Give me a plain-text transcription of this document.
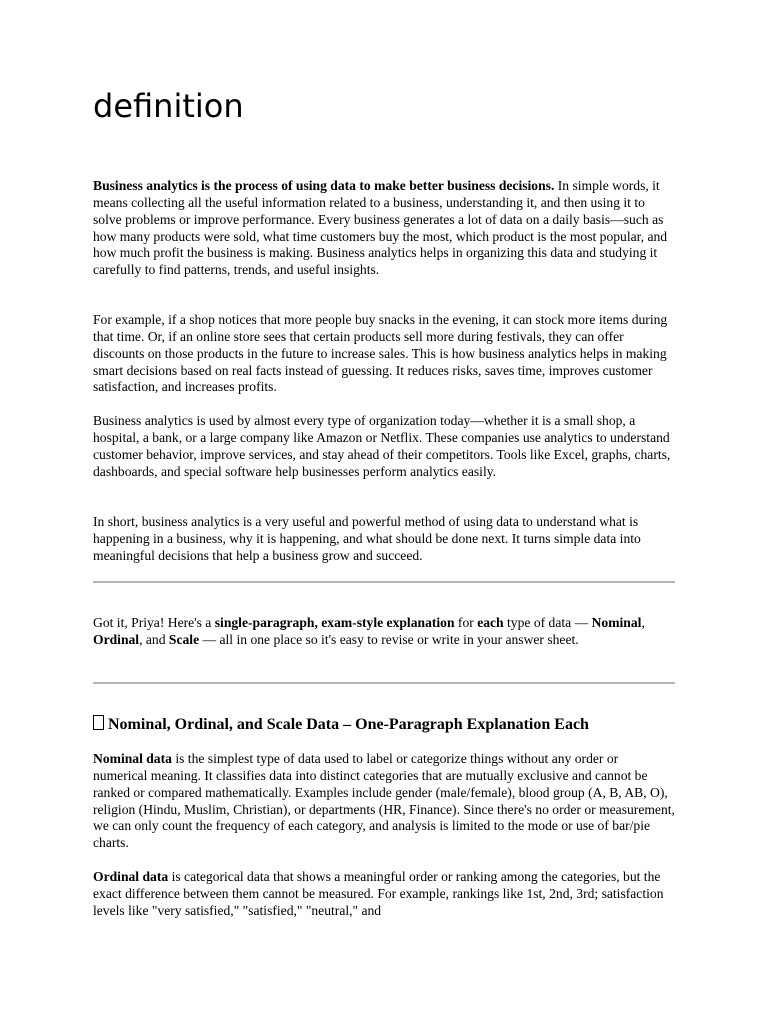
definition

Business analytics is the process of using data to make better business decisions. In simple words, it means collecting all the useful information related to a business, understanding it, and then using it to solve problems or improve performance. Every business generates a lot of data on a daily basis—such as how many products were sold, what time customers buy the most, which product is the most popular, and how much profit the business is making. Business analytics helps in organizing this data and studying it carefully to find patterns, trends, and useful insights.

For example, if a shop notices that more people buy snacks in the evening, it can stock more items during that time. Or, if an online store sees that certain products sell more during festivals, they can offer discounts on those products in the future to increase sales. This is how business analytics helps in making smart decisions based on real facts instead of guessing. It reduces risks, saves time, improves customer satisfaction, and increases profits.

Business analytics is used by almost every type of organization today—whether it is a small shop, a hospital, a bank, or a large company like Amazon or Netflix. These companies use analytics to understand customer behavior, improve services, and stay ahead of their competitors. Tools like Excel, graphs, charts, dashboards, and special software help businesses perform analytics easily.

In short, business analytics is a very useful and powerful method of using data to understand what is happening in a business, why it is happening, and what should be done next. It turns simple data into meaningful decisions that help a business grow and succeed.

Got it, Priya! Here's a single-paragraph, exam-style explanation for each type of data — Nominal, Ordinal, and Scale — all in one place so it's easy to revise or write in your answer sheet.

Nominal, Ordinal, and Scale Data – One-Paragraph Explanation Each

Nominal data is the simplest type of data used to label or categorize things without any order or numerical meaning. It classifies data into distinct categories that are mutually exclusive and cannot be ranked or compared mathematically. Examples include gender (male/female), blood group (A, B, AB, O), religion (Hindu, Muslim, Christian), or departments (HR, Finance). Since there's no order or measurement, we can only count the frequency of each category, and analysis is limited to the mode or use of bar/pie charts.

Ordinal data is categorical data that shows a meaningful order or ranking among the categories, but the exact difference between them cannot be measured. For example, rankings like 1st, 2nd, 3rd; satisfaction levels like "very satisfied," "satisfied," "neutral," and
